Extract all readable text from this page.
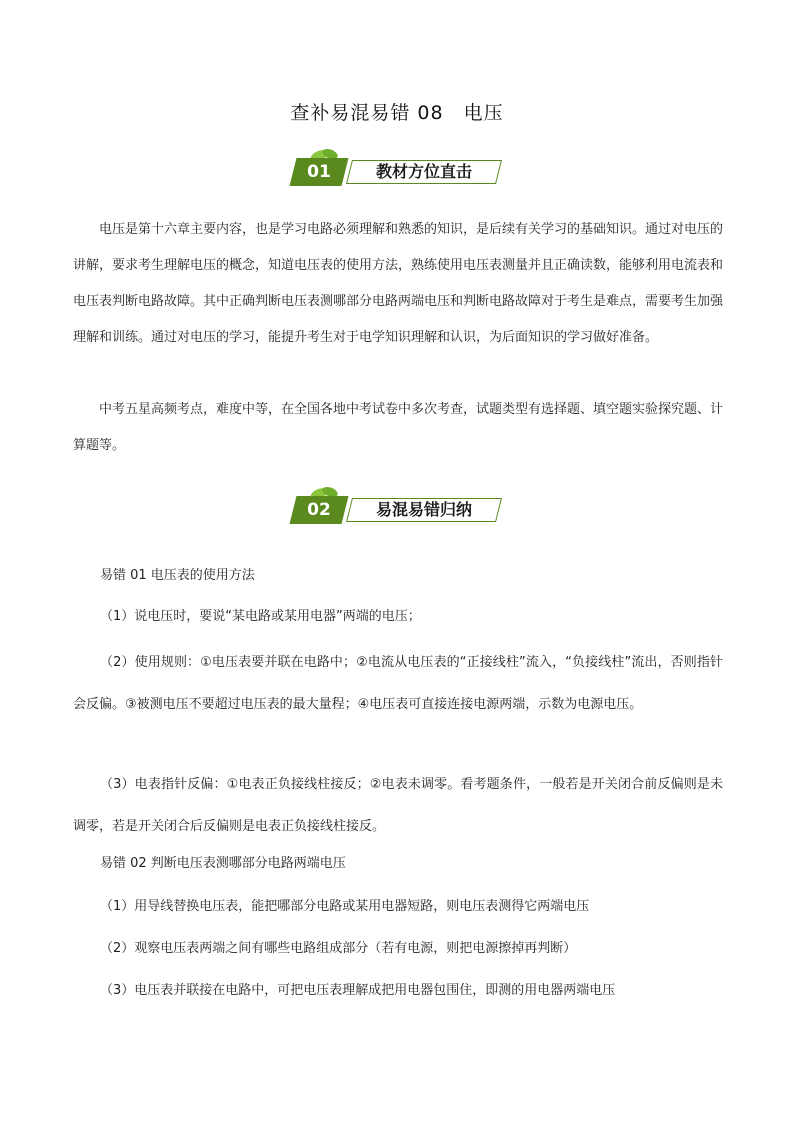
查补易混易错 08　电压
01	教材方位直击

电压是第十六章主要内容，也是学习电路必须理解和熟悉的知识，是后续有关学习的基础知识。通过对电压的讲解，要求考生理解电压的概念，知道电压表的使用方法，熟练使用电压表测量并且正确读数，能够利用电流表和电压表判断电路故障。其中正确判断电压表测哪部分电路两端电压和判断电路故障对于考生是难点，需要考生加强理解和训练。通过对电压的学习，能提升考生对于电学知识理解和认识，为后面知识的学习做好准备。

中考五星高频考点，难度中等，在全国各地中考试卷中多次考查，试题类型有选择题、填空题实验探究题、计算题等。

02	易混易错归纳

易错 01 电压表的使用方法

（1）说电压时，要说“某电路或某用电器”两端的电压；

（2）使用规则：①电压表要并联在电路中；②电流从电压表的“正接线柱”流入，“负接线柱”流出，否则指针会反偏。③被测电压不要超过电压表的最大量程；④电压表可直接连接电源两端，示数为电源电压。

（3）电表指针反偏：①电表正负接线柱接反；②电表未调零。看考题条件，一般若是开关闭合前反偏则是未调零，若是开关闭合后反偏则是电表正负接线柱接反。

易错 02 判断电压表测哪部分电路两端电压

（1）用导线替换电压表，能把哪部分电路或某用电器短路，则电压表测得它两端电压

（2）观察电压表两端之间有哪些电路组成部分（若有电源，则把电源擦掉再判断）

（3）电压表并联接在电路中，可把电压表理解成把用电器包围住，即测的用电器两端电压
